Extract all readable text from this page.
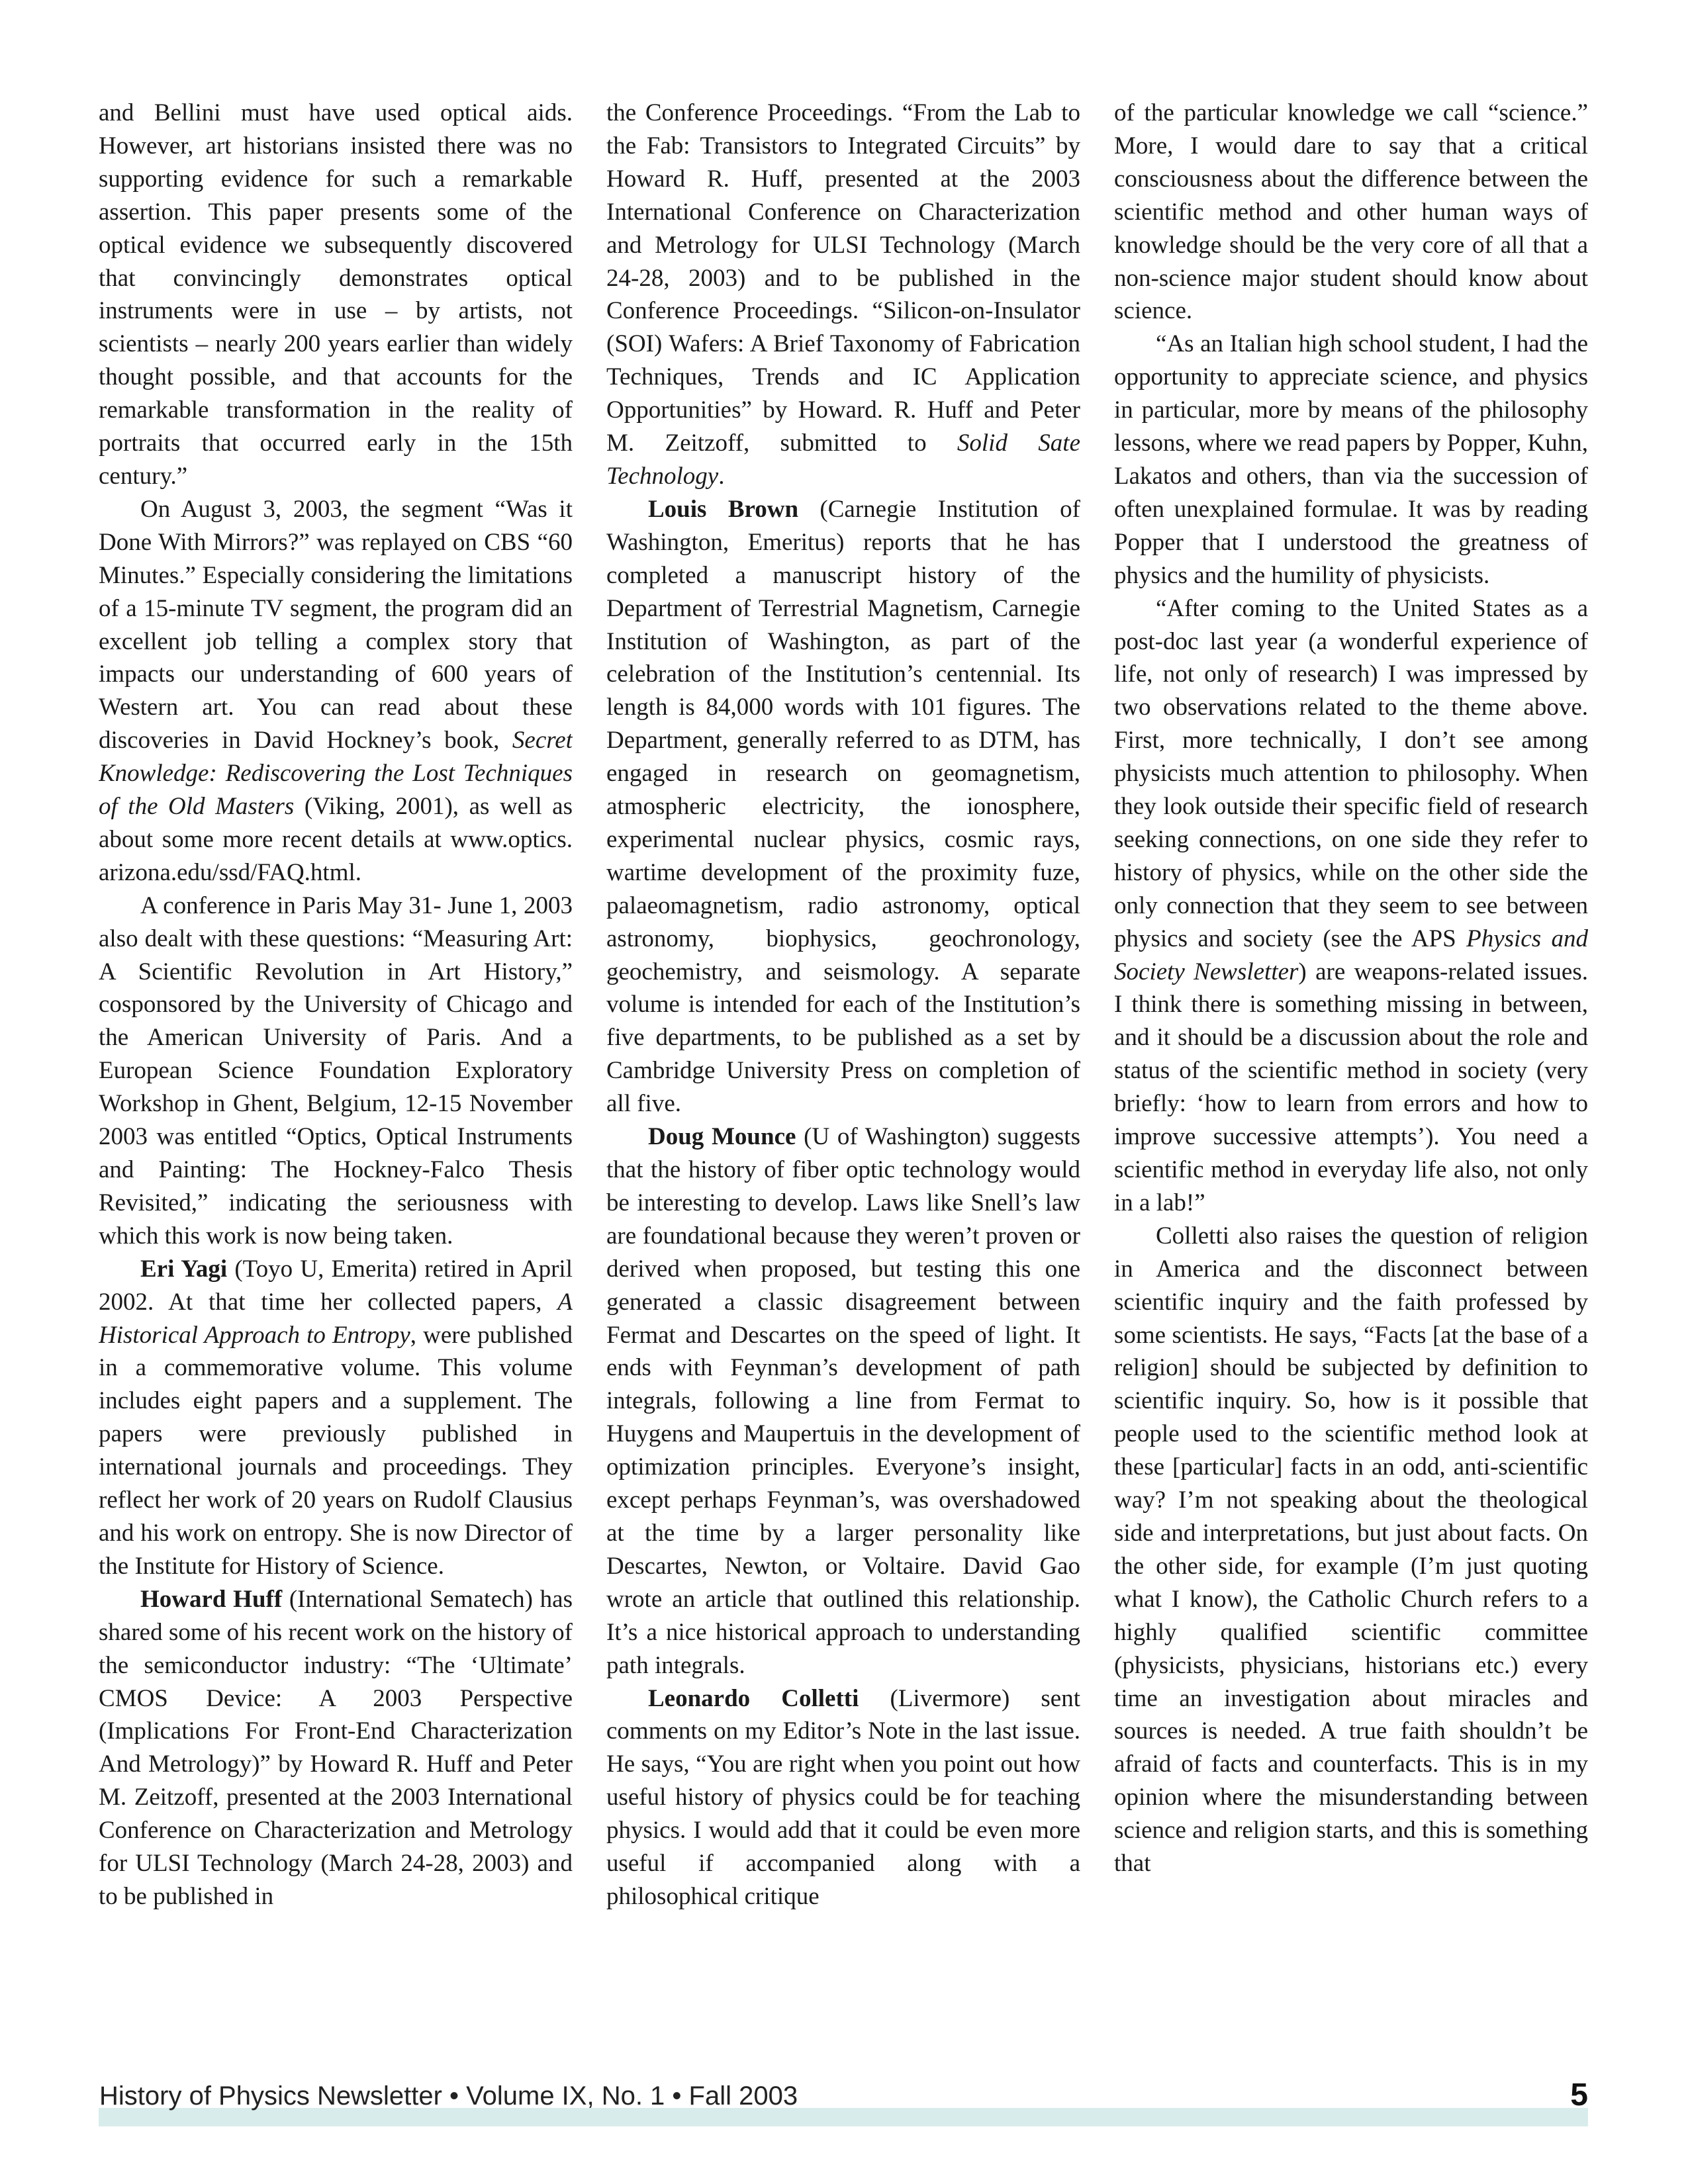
and Bellini must have used optical aids. However, art historians insisted there was no supporting evidence for such a remarkable assertion. This paper presents some of the optical evidence we subsequently discovered that convincingly demonstrates optical instruments were in use – by artists, not scientists – nearly 200 years earlier than widely thought possible, and that accounts for the remarkable transformation in the reality of portraits that occurred early in the 15th century.”

On August 3, 2003, the segment “Was it Done With Mirrors?” was replayed on CBS “60 Minutes.” Especially considering the limitations of a 15-minute TV segment, the program did an excellent job telling a complex story that impacts our understanding of 600 years of Western art. You can read about these discoveries in David Hockney’s book, Secret Knowledge: Rediscovering the Lost Techniques of the Old Masters (Viking, 2001), as well as about some more recent details at www.optics. arizona.edu/ssd/FAQ.html.

A conference in Paris May 31- June 1, 2003 also dealt with these questions: “Measuring Art: A Scientific Revolution in Art History,” cosponsored by the University of Chicago and the American University of Paris. And a European Science Foundation Exploratory Workshop in Ghent, Belgium, 12-15 November 2003 was entitled “Optics, Optical Instruments and Painting: The Hockney-Falco Thesis Revisited,” indicating the seriousness with which this work is now being taken.

Eri Yagi (Toyo U, Emerita) retired in April 2002. At that time her collected papers, A Historical Approach to Entropy, were published in a commemorative volume. This volume includes eight papers and a supplement. The papers were previously published in international journals and proceedings. They reflect her work of 20 years on Rudolf Clausius and his work on entropy. She is now Director of the Institute for History of Science.

Howard Huff (International Sematech) has shared some of his recent work on the history of the semiconductor industry: “The ‘Ultimate’ CMOS Device: A 2003 Perspective (Implications For Front-End Characterization And Metrology)” by Howard R. Huff and Peter M. Zeitzoff, presented at the 2003 International Conference on Characterization and Metrology for ULSI Technology (March 24-28, 2003) and to be published in

the Conference Proceedings. “From the Lab to the Fab: Transistors to Integrated Circuits” by Howard R. Huff, presented at the 2003 International Conference on Characterization and Metrology for ULSI Technology (March 24-28, 2003) and to be published in the Conference Proceedings. “Silicon-on-Insulator (SOI) Wafers: A Brief Taxonomy of Fabrication Techniques, Trends and IC Application Opportunities” by Howard. R. Huff and Peter M. Zeitzoff, submitted to Solid Sate Technology.

Louis Brown (Carnegie Institution of Washington, Emeritus) reports that he has completed a manuscript history of the Department of Terrestrial Magnetism, Carnegie Institution of Washington, as part of the celebration of the Institution’s centennial. Its length is 84,000 words with 101 figures. The Department, generally referred to as DTM, has engaged in research on geomagnetism, atmospheric electricity, the ionosphere, experimental nuclear physics, cosmic rays, wartime development of the proximity fuze, palaeomagnetism, radio astronomy, optical astronomy, biophysics, geochronology, geochemistry, and seismology. A separate volume is intended for each of the Institution’s five departments, to be published as a set by Cambridge University Press on completion of all five.

Doug Mounce (U of Washington) suggests that the history of fiber optic technology would be interesting to develop. Laws like Snell’s law are foundational because they weren’t proven or derived when proposed, but testing this one generated a classic disagreement between Fermat and Descartes on the speed of light. It ends with Feynman’s development of path integrals, following a line from Fermat to Huygens and Maupertuis in the development of optimization principles. Everyone’s insight, except perhaps Feynman’s, was overshadowed at the time by a larger personality like Descartes, Newton, or Voltaire. David Gao wrote an article that outlined this relationship. It’s a nice historical approach to understanding path integrals.

Leonardo Colletti (Livermore) sent comments on my Editor’s Note in the last issue. He says, “You are right when you point out how useful history of physics could be for teaching physics. I would add that it could be even more useful if accompanied along with a philosophical critique

of the particular knowledge we call “science.” More, I would dare to say that a critical consciousness about the difference between the scientific method and other human ways of knowledge should be the very core of all that a non-science major student should know about science.

“As an Italian high school student, I had the opportunity to appreciate science, and physics in particular, more by means of the philosophy lessons, where we read papers by Popper, Kuhn, Lakatos and others, than via the succession of often unexplained formulae. It was by reading Popper that I understood the greatness of physics and the humility of physicists.

“After coming to the United States as a post-doc last year (a wonderful experience of life, not only of research) I was impressed by two observations related to the theme above. First, more technically, I don’t see among physicists much attention to philosophy. When they look outside their specific field of research seeking connections, on one side they refer to history of physics, while on the other side the only connection that they seem to see between physics and society (see the APS Physics and Society Newsletter) are weapons-related issues. I think there is something missing in between, and it should be a discussion about the role and status of the scientific method in society (very briefly: ‘how to learn from errors and how to improve successive attempts’). You need a scientific method in everyday life also, not only in a lab!”

Colletti also raises the question of religion in America and the disconnect between scientific inquiry and the faith professed by some scientists. He says, “Facts [at the base of a religion] should be subjected by definition to scientific inquiry. So, how is it possible that people used to the scientific method look at these [particular] facts in an odd, anti-scientific way? I’m not speaking about the theological side and interpretations, but just about facts. On the other side, for example (I’m just quoting what I know), the Catholic Church refers to a highly qualified scientific committee (physicists, physicians, historians etc.) every time an investigation about miracles and sources is needed. A true faith shouldn’t be afraid of facts and counterfacts. This is in my opinion where the misunderstanding between science and religion starts, and this is something that

History of Physics Newsletter • Volume IX, No. 1 • Fall 2003	5
